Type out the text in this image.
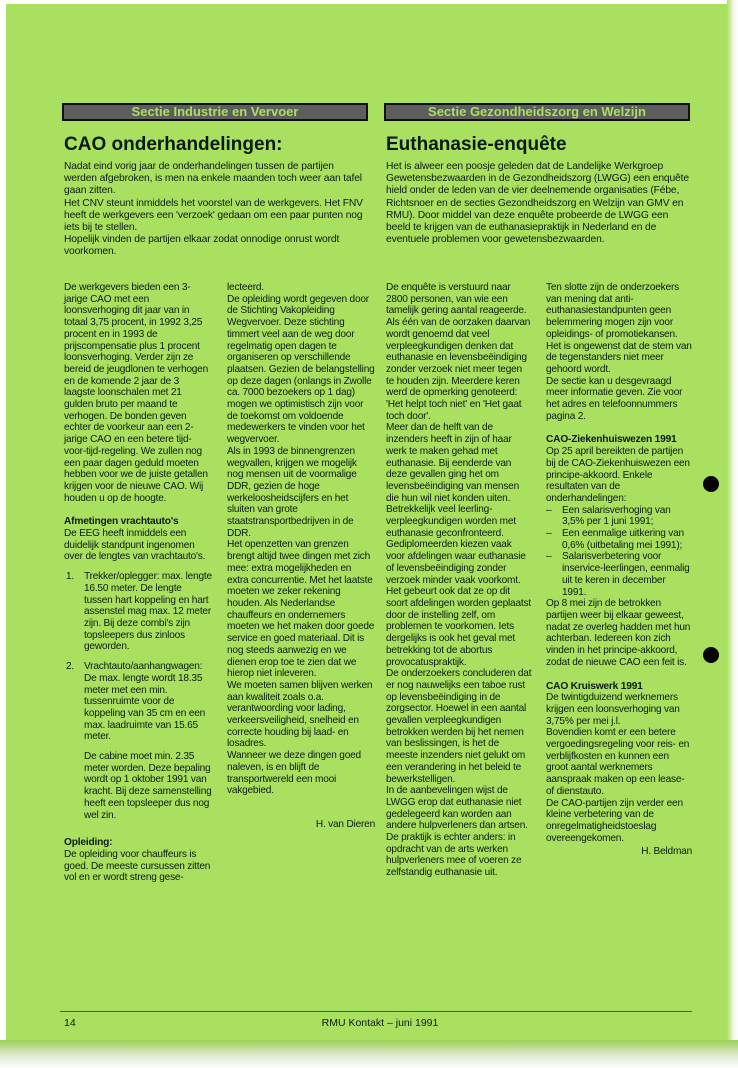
Sectie Industrie en Vervoer	Sectie Gezondheidszorg en Welzijn
CAO onderhandelingen:	Euthanasie-enquête

Nadat eind vorig jaar de onderhandelingen tussen de partijen werden afgebroken, is men na enkele maanden toch weer aan tafel gaan zitten.
Het CNV steunt inmiddels het voorstel van de werkgevers. Het FNV heeft de werkgevers een 'verzoek' gedaan om een paar punten nog iets bij te stellen.
Hopelijk vinden de partijen elkaar zodat onnodige onrust wordt voorkomen.

Het is alweer een poosje geleden dat de Landelijke Werkgroep Gewetensbezwaarden in de Gezondheidszorg (LWGG) een enquête hield onder de leden van de vier deelnemende organisaties (Fébe, Richtsnoer en de secties Gezondheidszorg en Welzijn van GMV en RMU). Door middel van deze enquête probeerde de LWGG een beeld te krijgen van de euthanasiepraktijk in Nederland en de eventuele problemen voor gewetensbezwaarden.

De werkgevers bieden een 3-jarige CAO met een loonsverhoging dit jaar van in totaal 3,75 procent, in 1992 3,25 procent en in 1993 de prijscompensatie plus 1 procent loonsverhoging. Verder zijn ze bereid de jeugdlonen te verhogen en de komende 2 jaar de 3 laagste loonschalen met 21 gulden bruto per maand te verhogen. De bonden geven echter de voorkeur aan een 2-jarige CAO en een betere tijd-voor-tijd-regeling. We zullen nog een paar dagen geduld moeten hebben voor we de juiste getallen krijgen voor de nieuwe CAO. Wij houden u op de hoogte.

Afmetingen vrachtauto's

De EEG heeft inmiddels een duidelijk standpunt ingenomen over de lengtes van vrachtauto's.

1. Trekker/oplegger: max. lengte 16.50 meter. De lengte tussen hart koppeling en hart assenstel mag max. 12 meter zijn. Bij deze combi's zijn topsleepers dus zinloos geworden.
2. Vrachtauto/aanhangwagen: De max. lengte wordt 18.35 meter met een min. tussenruimte voor de koppeling van 35 cm en een max. laadruimte van 15.65 meter.

De cabine moet min. 2.35 meter worden. Deze bepaling wordt op 1 oktober 1991 van kracht. Bij deze samenstelling heeft een topsleeper dus nog wel zin.

Opleiding:

De opleiding voor chauffeurs is goed. De meeste cursussen zitten vol en er wordt streng gese-

lecteerd.
De opleiding wordt gegeven door de Stichting Vakopleiding Wegvervoer. Deze stichting timmert veel aan de weg door regelmatig open dagen te organiseren op verschillende plaatsen. Gezien de belangstelling op deze dagen (onlangs in Zwolle ca. 7000 bezoekers op 1 dag) mogen we optimistisch zijn voor de toekomst om voldoende medewerkers te vinden voor het wegvervoer.
Als in 1993 de binnengrenzen wegvallen, krijgen we mogelijk nog mensen uit de voormalige DDR, gezien de hoge werkeloosheidscijfers en het sluiten van grote staatstransportbedrijven in de DDR.
Het openzetten van grenzen brengt altijd twee dingen met zich mee: extra mogelijkheden en extra concurrentie. Met het laatste moeten we zeker rekening houden. Als Nederlandse chauffeurs en ondernemers moeten we het maken door goede service en goed materiaal. Dit is nog steeds aanwezig en we dienen erop toe te zien dat we hierop niet inleveren.
We moeten samen blijven werken aan kwaliteit zoals o.a. verantwoording voor lading, verkeersveiligheid, snelheid en correcte houding bij laad- en losadres.
Wanneer we deze dingen goed naleven, is en blijft de transportwereld een mooi vakgebied.

H. van Dieren

De enquête is verstuurd naar 2800 personen, van wie een tamelijk gering aantal reageerde. Als één van de oorzaken daarvan wordt genoemd dat veel verpleegkundigen denken dat euthanasie en levensbeëindiging zonder verzoek niet meer tegen te houden zijn. Meerdere keren werd de opmerking genoteerd: 'Het helpt toch niet' en 'Het gaat toch door'.
Meer dan de helft van de inzenders heeft in zijn of haar werk te maken gehad met euthanasie. Bij eenderde van deze gevallen ging het om levensbeëindiging van mensen die hun wil niet konden uiten.
Betrekkelijk veel leerling-verpleegkundigen worden met euthanasie geconfronteerd. Gediplomeerden kiezen vaak voor afdelingen waar euthanasie of levensbeëindiging zonder verzoek minder vaak voorkomt. Het gebeurt ook dat ze op dit soort afdelingen worden geplaatst door de instelling zelf, om problemen te voorkomen. Iets dergelijks is ook het geval met betrekking tot de abortus provocatuspraktijk.
De onderzoekers concluderen dat er nog nauwelijks een taboe rust op levensbeëindiging in de zorgsector. Hoewel in een aantal gevallen verpleegkundigen betrokken werden bij het nemen van beslissingen, is het de meeste inzenders niet gelukt om een verandering in het beleid te bewerkstelligen.
In de aanbevelingen wijst de LWGG erop dat euthanasie niet gedelegeerd kan worden aan andere hulpverleners dan artsen. De praktijk is echter anders: in opdracht van de arts werken hulpverleners mee of voeren ze zelfstandig euthanasie uit.

Ten slotte zijn de onderzoekers van mening dat anti-euthanasiestandpunten geen belemmering mogen zijn voor opleidings- of promotiekansen. Het is ongewenst dat de stem van de tegenstanders niet meer gehoord wordt.
De sectie kan u desgevraagd meer informatie geven. Zie voor het adres en telefoonnummers pagina 2.

CAO-Ziekenhuiswezen 1991

Op 25 april bereikten de partijen bij de CAO-Ziekenhuiswezen een principe-akkoord. Enkele resultaten van de onderhandelingen:

– Een salarisverhoging van 3,5% per 1 juni 1991;
– Een eenmalige uitkering van 0,6% (uitbetaling mei 1991);
– Salarisverbetering voor inservice-leerlingen, eenmalig uit te keren in december 1991.

Op 8 mei zijn de betrokken partijen weer bij elkaar geweest, nadat ze overleg hadden met hun achterban. Iedereen kon zich vinden in het principe-akkoord, zodat de nieuwe CAO een feit is.

CAO Kruiswerk 1991

De twintigduizend werknemers krijgen een loonsverhoging van 3,75% per mei j.l.
Bovendien komt er een betere vergoedingsregeling voor reis- en verblijfkosten en kunnen een groot aantal werknemers aanspraak maken op een lease- of dienstauto.
De CAO-partijen zijn verder een kleine verbetering van de onregelmatigheidstoeslag overeengekomen.

H. Beldman

14	RMU Kontakt – juni 1991
